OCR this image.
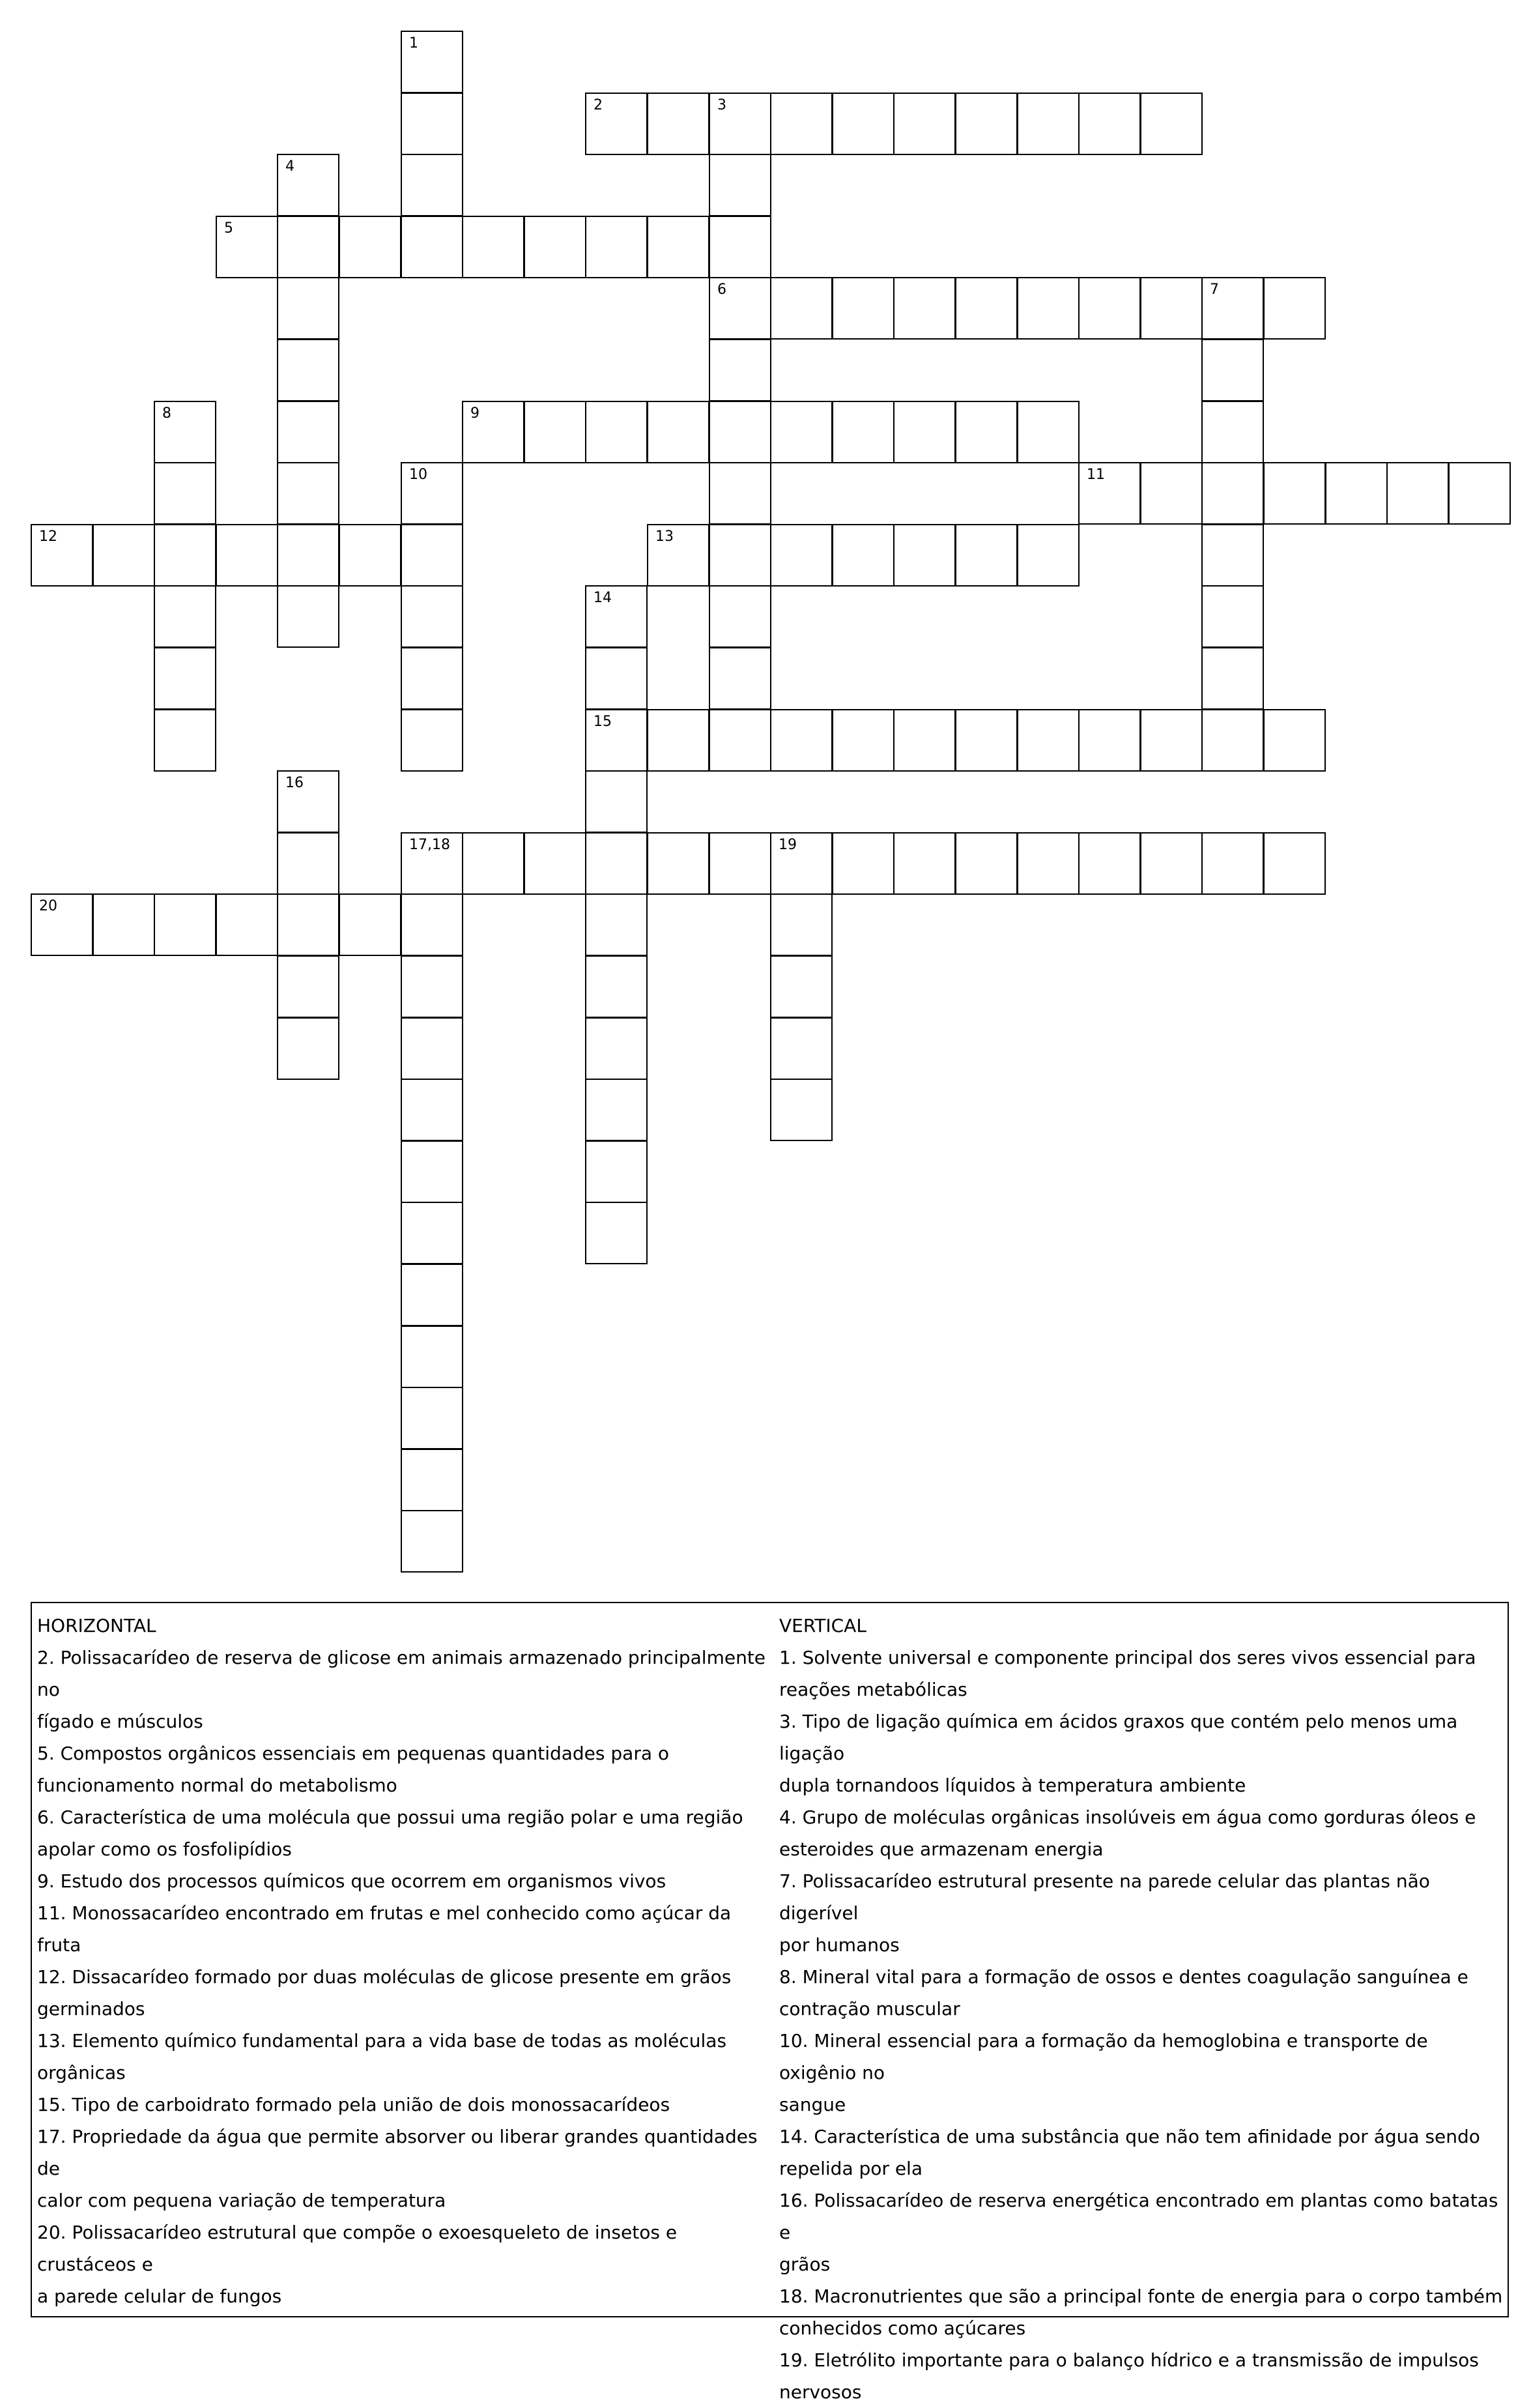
1
2	3
4
5
6	7
8	9
10	11
12	13
14
15
16
17,18	19
20
HORIZONTAL
2. Polissacarídeo de reserva de glicose em animais armazenado principalmente no
fígado e músculos
5. Compostos orgânicos essenciais em pequenas quantidades para o
funcionamento normal do metabolismo
6. Característica de uma molécula que possui uma região polar e uma região
apolar como os fosfolipídios
9. Estudo dos processos químicos que ocorrem em organismos vivos
11. Monossacarídeo encontrado em frutas e mel conhecido como açúcar da fruta
12. Dissacarídeo formado por duas moléculas de glicose presente em grãos
germinados
13. Elemento químico fundamental para a vida base de todas as moléculas
orgânicas
15. Tipo de carboidrato formado pela união de dois monossacarídeos
17. Propriedade da água que permite absorver ou liberar grandes quantidades de
calor com pequena variação de temperatura
20. Polissacarídeo estrutural que compõe o exoesqueleto de insetos e crustáceos e
a parede celular de fungos
VERTICAL
1. Solvente universal e componente principal dos seres vivos essencial para
reações metabólicas
3. Tipo de ligação química em ácidos graxos que contém pelo menos uma ligação
dupla tornandoos líquidos à temperatura ambiente
4. Grupo de moléculas orgânicas insolúveis em água como gorduras óleos e
esteroides que armazenam energia
7. Polissacarídeo estrutural presente na parede celular das plantas não digerível
por humanos
8. Mineral vital para a formação de ossos e dentes coagulação sanguínea e
contração muscular
10. Mineral essencial para a formação da hemoglobina e transporte de oxigênio no
sangue
14. Característica de uma substância que não tem afinidade por água sendo
repelida por ela
16. Polissacarídeo de reserva energética encontrado em plantas como batatas e
grãos
18. Macronutrientes que são a principal fonte de energia para o corpo também
conhecidos como açúcares
19. Eletrólito importante para o balanço hídrico e a transmissão de impulsos
nervosos
